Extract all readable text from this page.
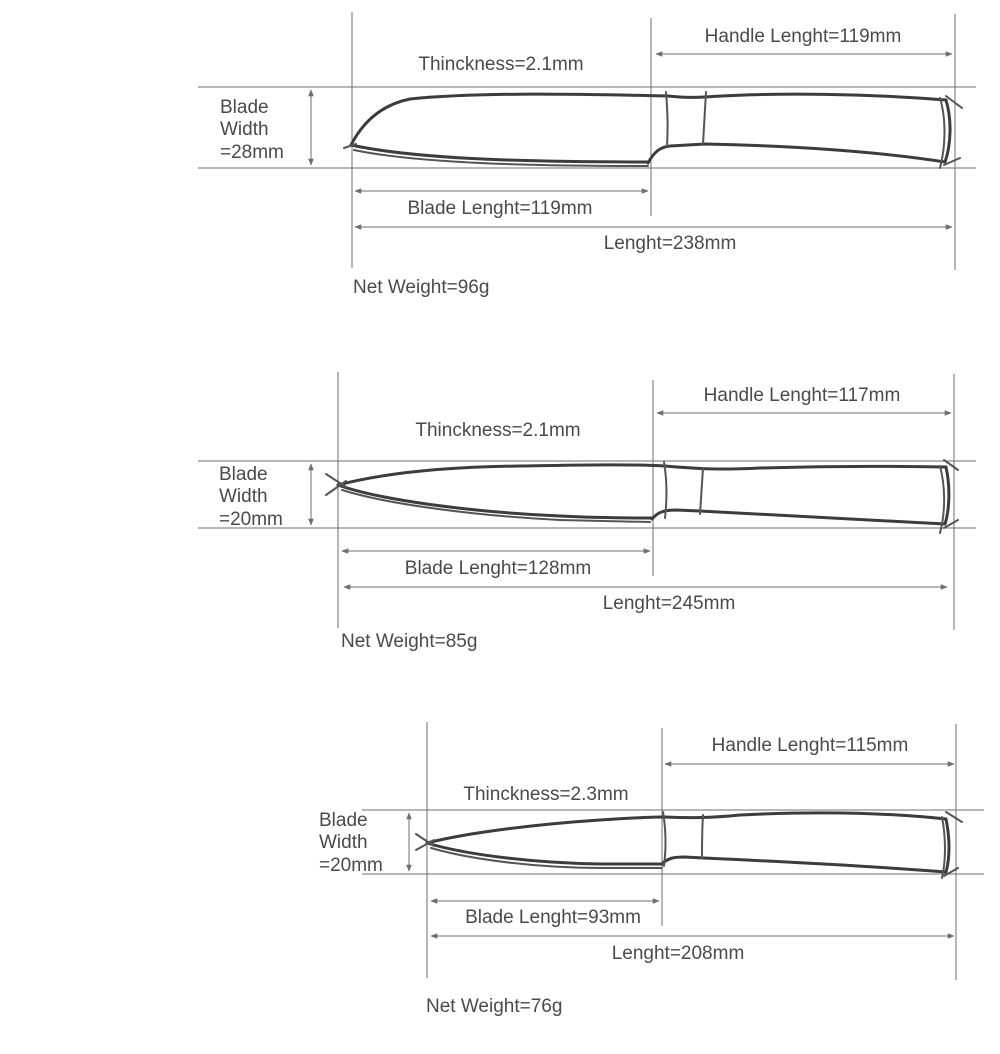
Thinckness=2.1mm
Handle Lenght=119mm
Blade
Width
=28mm
Blade Lenght=119mm
Lenght=238mm
Net Weight=96g
Thinckness=2.1mm
Handle Lenght=117mm
Blade
Width
=20mm
Blade Lenght=128mm
Lenght=245mm
Net Weight=85g
Thinckness=2.3mm
Handle Lenght=115mm
Blade
Width
=20mm
Blade Lenght=93mm
Lenght=208mm
Net Weight=76g
